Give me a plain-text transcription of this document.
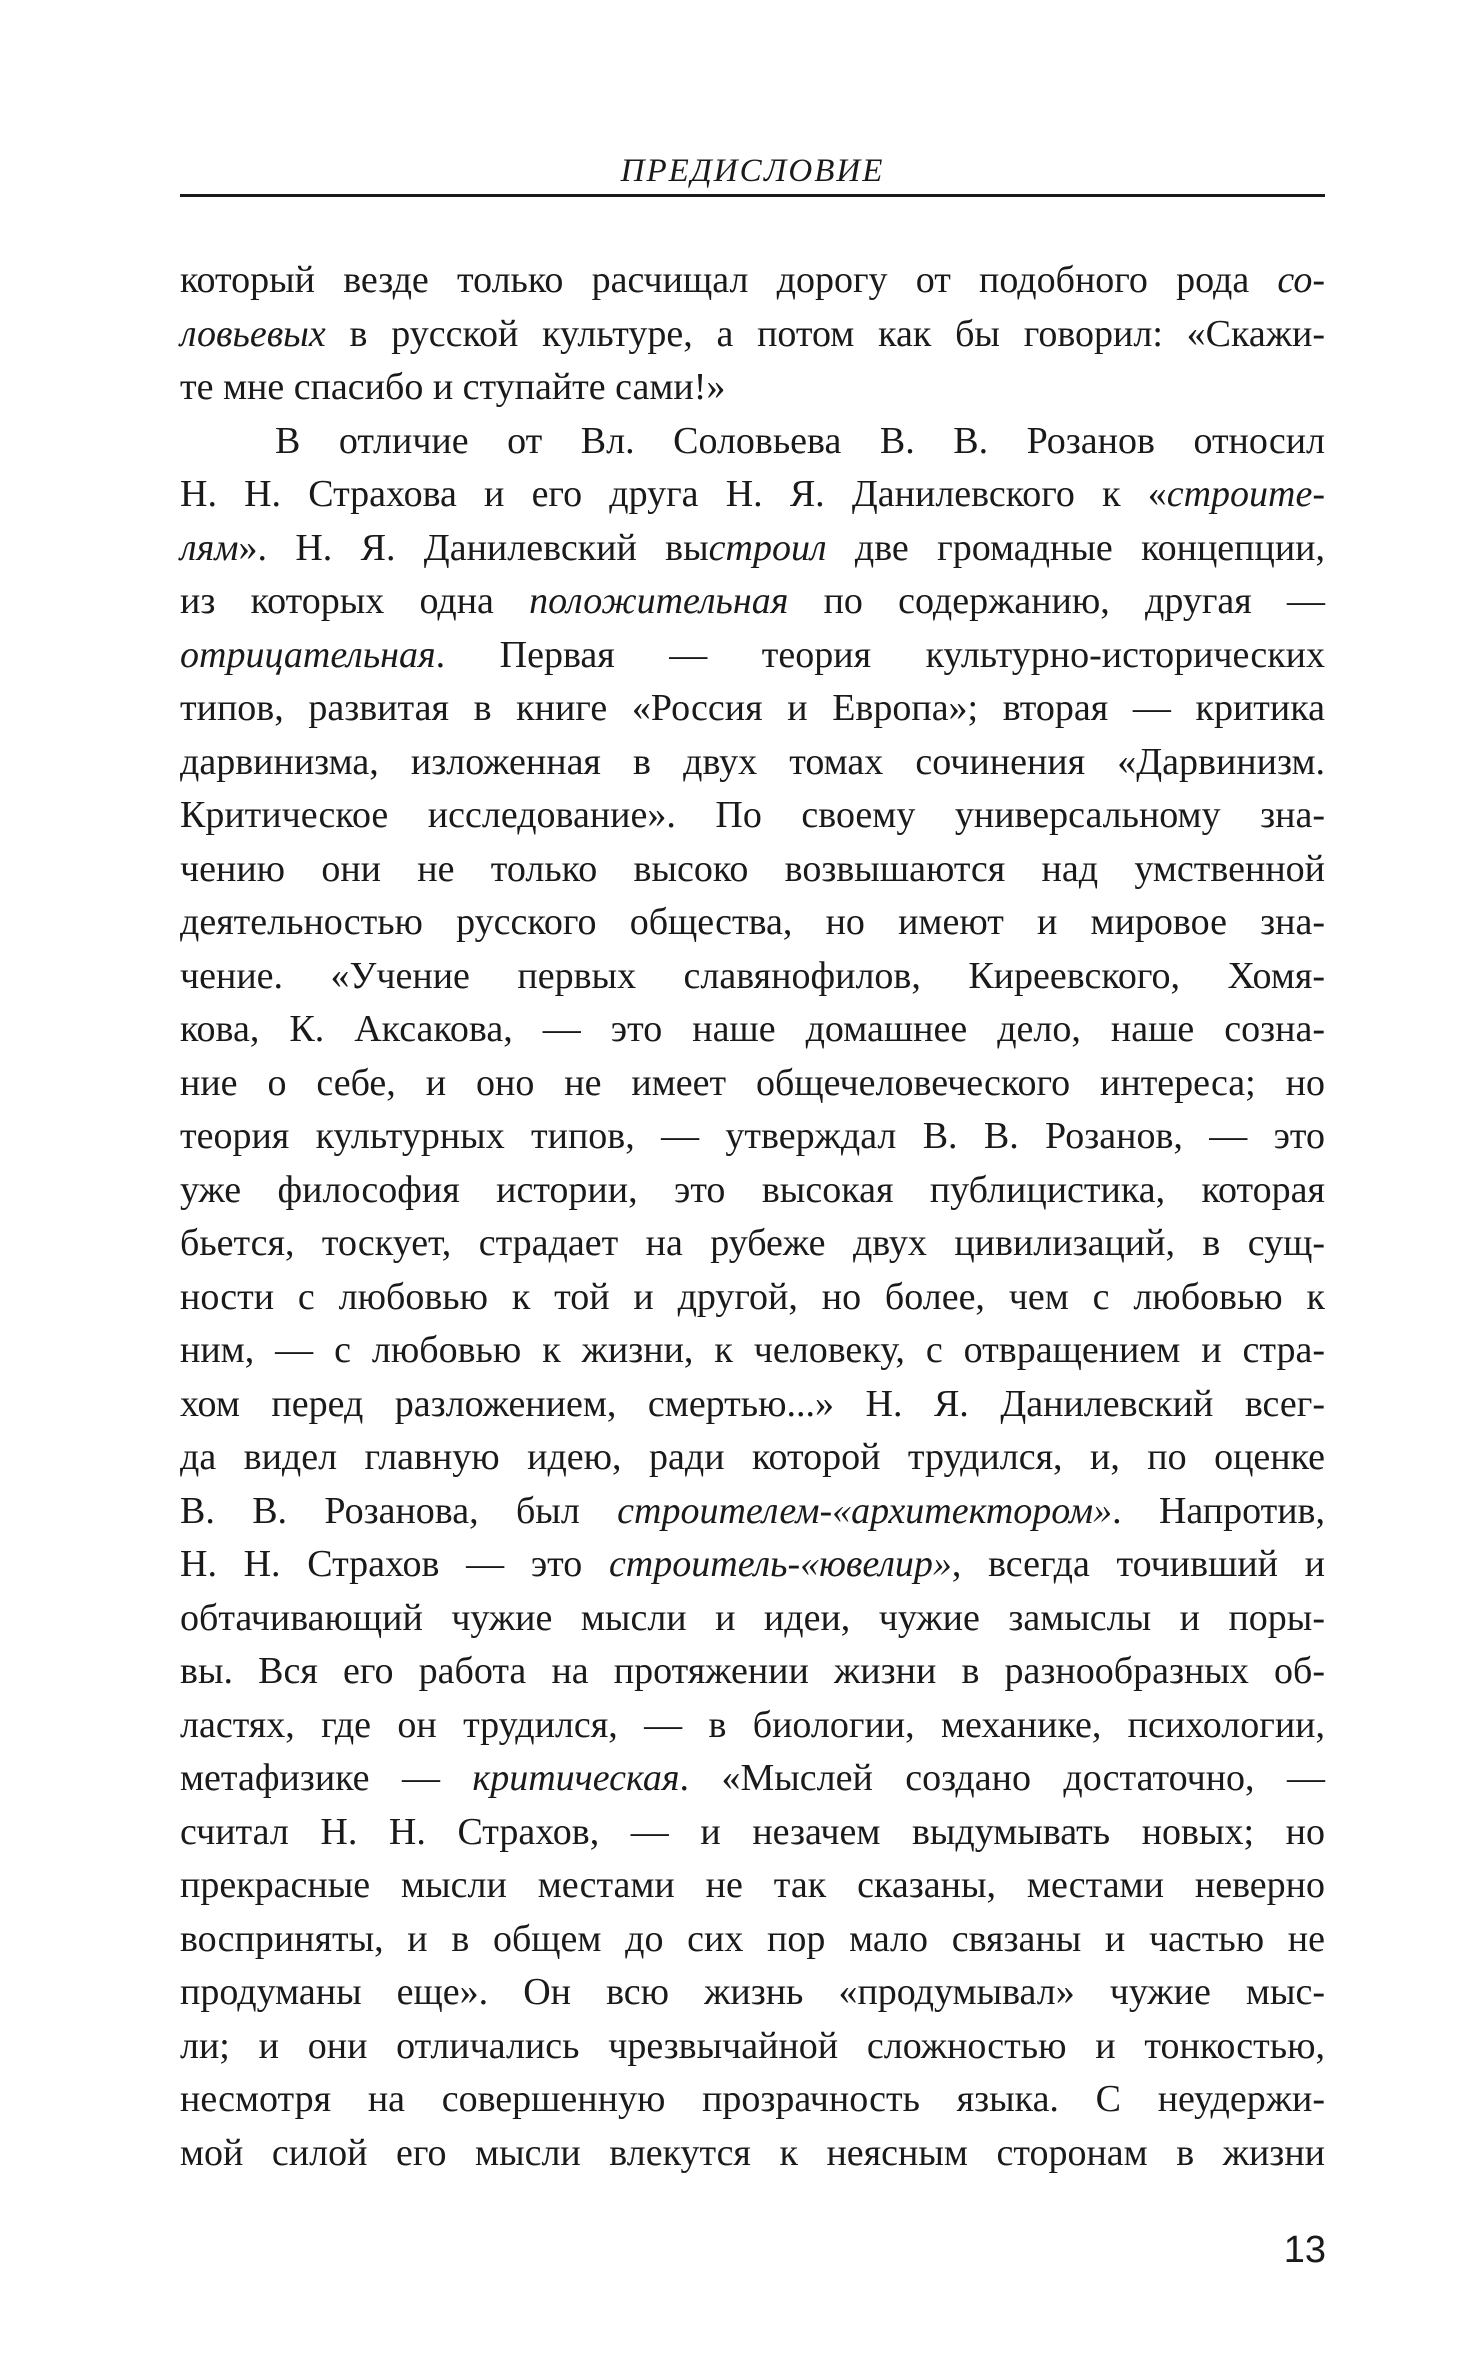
ПРЕДИСЛОВИЕ
который везде только расчищал дорогу от подобного рода со-
ловьевых в русской культуре, а потом как бы говорил: «Скажи-
те мне спасибо и ступайте сами!»
В отличие от Вл. Соловьева В. В. Розанов относил
Н. Н. Страхова и его друга Н. Я. Данилевского к «строите-
лям». Н. Я. Данилевский выстроил две громадные концепции,
из которых одна положительная по содержанию, другая —
отрицательная. Первая — теория культурно-исторических
типов, развитая в книге «Россия и Европа»; вторая — критика
дарвинизма, изложенная в двух томах сочинения «Дарвинизм.
Критическое исследование». По своему универсальному зна-
чению они не только высоко возвышаются над умственной
деятельностью русского общества, но имеют и мировое зна-
чение. «Учение первых славянофилов, Киреевского, Хомя-
кова, К. Аксакова, — это наше домашнее дело, наше созна-
ние о себе, и оно не имеет общечеловеческого интереса; но
теория культурных типов, — утверждал В. В. Розанов, — это
уже философия истории, это высокая публицистика, которая
бьется, тоскует, страдает на рубеже двух цивилизаций, в сущ-
ности с любовью к той и другой, но более, чем с любовью к
ним, — с любовью к жизни, к человеку, с отвращением и стра-
хом перед разложением, смертью...» Н. Я. Данилевский всег-
да видел главную идею, ради которой трудился, и, по оценке
В. В. Розанова, был строителем-«архитектором». Напротив,
Н. Н. Страхов — это строитель-«ювелир», всегда точивший и
обтачивающий чужие мысли и идеи, чужие замыслы и поры-
вы. Вся его работа на протяжении жизни в разнообразных об-
ластях, где он трудился, — в биологии, механике, психологии,
метафизике — критическая. «Мыслей создано достаточно, —
считал Н. Н. Страхов, — и незачем выдумывать новых; но
прекрасные мысли местами не так сказаны, местами неверно
восприняты, и в общем до сих пор мало связаны и частью не
продуманы еще». Он всю жизнь «продумывал» чужие мыс-
ли; и они отличались чрезвычайной сложностью и тонкостью,
несмотря на совершенную прозрачность языка. С неудержи-
мой силой его мысли влекутся к неясным сторонам в жизни
13
